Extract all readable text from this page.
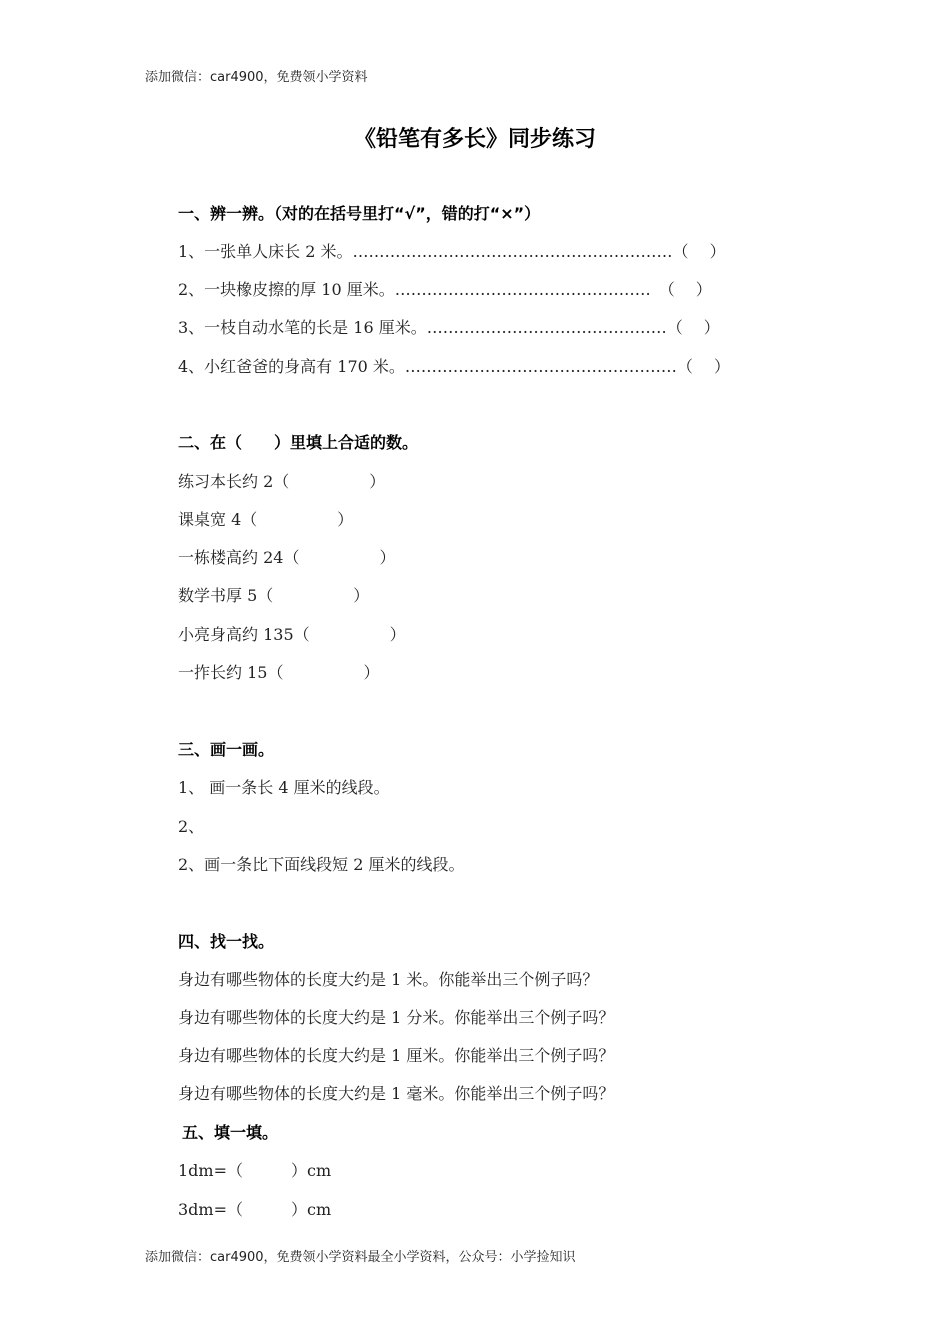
添加微信：car4900，免费领小学资料
《铅笔有多长》同步练习
一、辨一辨。（对的在括号里打“√”，错的打“×”）
1、一张单人床长 2 米。……………………………………………………（　 ）
2、一块橡皮擦的厚 10 厘米。…………………………………………　（　 ）
3、一枝自动水笔的长是 16 厘米。………………………………………（　 ）
4、小红爸爸的身高有 170 米。……………………………………………（　 ）
二、在（　　）里填上合适的数。
练习本长约 2（　　　　　）
课桌宽 4（　　　　　）
一栋楼高约 24（　　　　　）
数学书厚 5（　　　　　）
小亮身高约 135（　　　　　）
一拃长约 15（　　　　　）
三、画一画。
1、 画一条长 4 厘米的线段。
2、
2、画一条比下面线段短 2 厘米的线段。
四、找一找。
身边有哪些物体的长度大约是 1 米。你能举出三个例子吗？
身边有哪些物体的长度大约是 1 分米。你能举出三个例子吗？
身边有哪些物体的长度大约是 1 厘米。你能举出三个例子吗？
身边有哪些物体的长度大约是 1 毫米。你能举出三个例子吗？
五、填一填。
1dm=（　　　）cm
3dm=（　　　）cm
添加微信：car4900，免费领小学资料最全小学资料，公众号：小学捡知识
